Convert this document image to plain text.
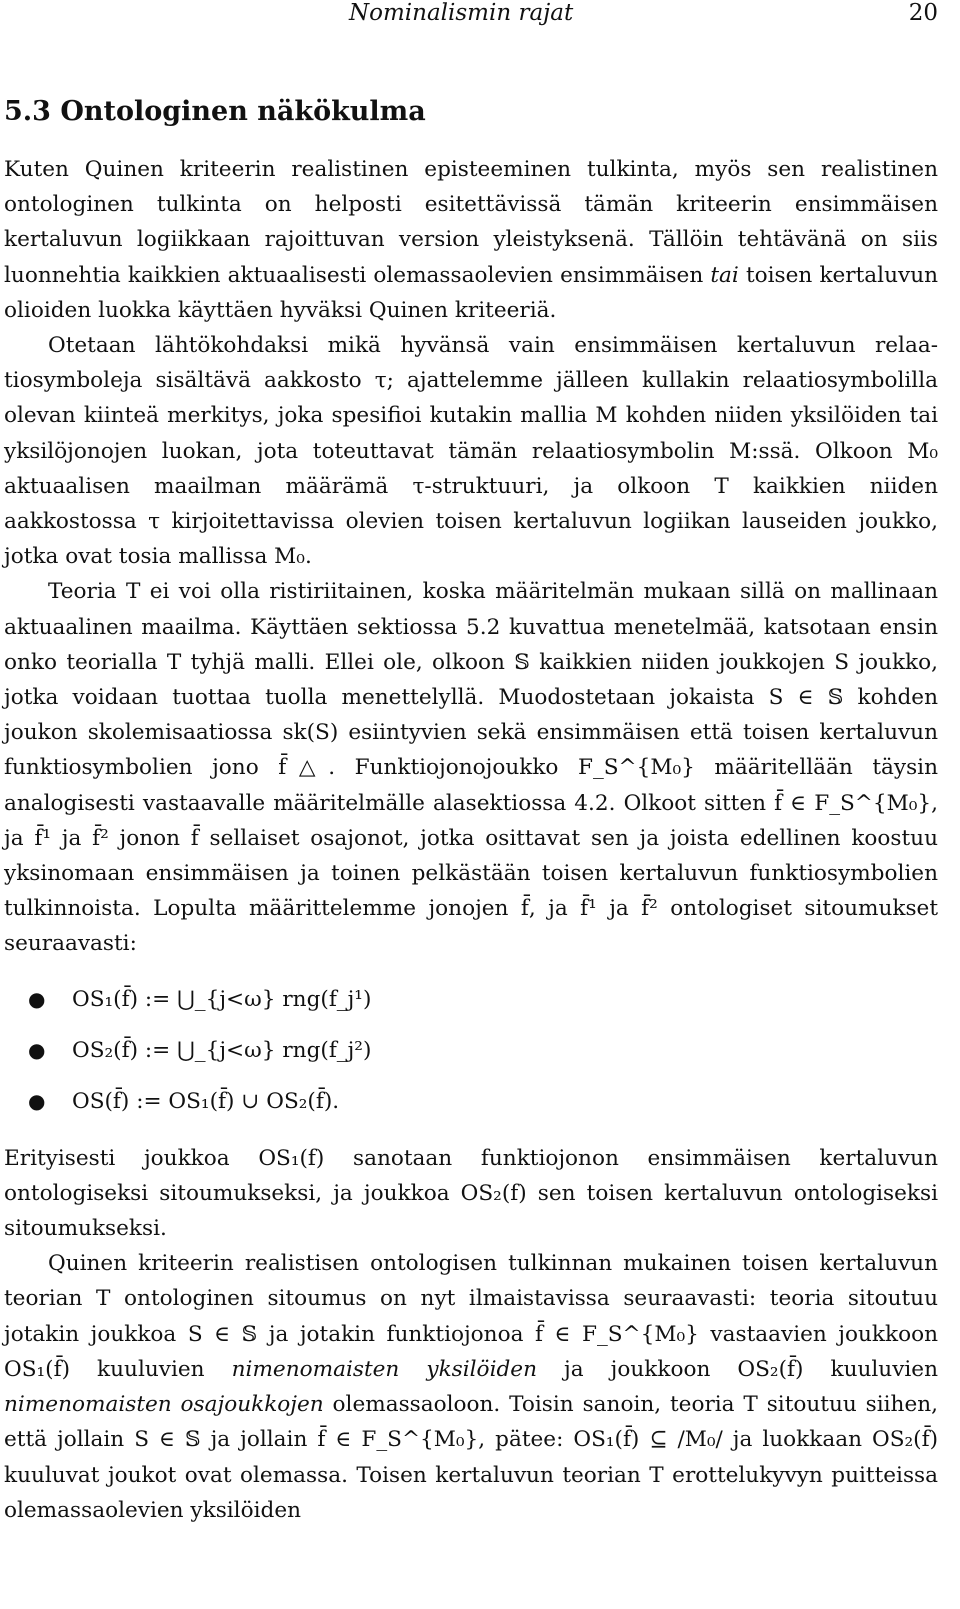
Nominalismin rajat	20
5.3 Ontologinen näkökulma

Kuten Quinen kriteerin realistinen episteeminen tulkinta, myös sen realistinen ontologinen tulkinta on helposti esitettävissä tämän kriteerin ensimmäisen kertaluvun logiikkaan rajoittuvan version yleistyksenä. Tällöin tehtävänä on siis luonnehtia kaikkien aktuaalisesti olemassaolevien ensimmäisen tai toisen kertaluvun olioiden luokka käyttäen hyväksi Quinen kriteeriä.

Otetaan lähtökohdaksi mikä hyvänsä vain ensimmäisen kertaluvun relaatiosymboleja sisältävä aakkosto τ; ajattelemme jälleen kullakin relaatiosymbolilla olevan kiinteä merkitys, joka spesifioi kutakin mallia M kohden niiden yksilöiden tai yksilöjonojen luokan, jota toteuttavat tämän relaatiosymbolin M:ssä. Olkoon M₀ aktuaalisen maailman määrämä τ-struktuuri, ja olkoon T kaikkien niiden aakkostossa τ kirjoitettavissa olevien toisen kertaluvun logiikan lauseiden joukko, jotka ovat tosia mallissa M₀.

Teoria T ei voi olla ristiriitainen, koska määritelmän mukaan sillä on mallinaan aktuaalinen maailma. Käyttäen sektiossa 5.2 kuvattua menetelmää, katsotaan ensin onko teorialla T tyhjä malli. Ellei ole, olkoon 𝕊 kaikkien niiden joukkojen S joukko, jotka voidaan tuottaa tuolla menettelyllä. Muodostetaan jokaista S ∈ 𝕊 kohden joukon skolemisaatiossa sk(S) esiintyvien sekä ensimmäisen että toisen kertaluvun funktiosymbolien jono f̄△. Funktiojonojoukko F_S^{M₀} määritellään täysin analogisesti vastaavalle määritelmälle alasektiossa 4.2. Olkoot sitten f̄ ∈ F_S^{M₀}, ja f̄¹ ja f̄² jonon f̄ sellaiset osajonot, jotka osittavat sen ja joista edellinen koostuu yksinomaan ensimmäisen ja toinen pelkästään toisen kertaluvun funktiosymbolien tulkinnoista. Lopulta määrittelemme jonojen f̄, ja f̄¹ ja f̄² ontologiset sitoumukset seuraavasti:

● OS₁(f̄) := ⋃_{j<ω} rng(f_j¹)
● OS₂(f̄) := ⋃_{j<ω} rng(f_j²)
● OS(f̄) := OS₁(f̄) ∪ OS₂(f̄).

Erityisesti joukkoa OS₁(f) sanotaan funktiojonon ensimmäisen kertaluvun ontologiseksi sitoumukseksi, ja joukkoa OS₂(f) sen toisen kertaluvun ontologiseksi sitoumukseksi.

Quinen kriteerin realistisen ontologisen tulkinnan mukainen toisen kertaluvun teorian T ontologinen sitoumus on nyt ilmaistavissa seuraavasti: teoria sitoutuu jotakin joukkoa S ∈ 𝕊 ja jotakin funktiojonoa f̄ ∈ F_S^{M₀} vastaavien joukkoon OS₁(f̄) kuuluvien nimenomaisten yksilöiden ja joukkoon OS₂(f̄) kuuluvien nimenomaisten osajoukkojen olemassaoloon. Toisin sanoin, teoria T sitoutuu siihen, että jollain S ∈ 𝕊 ja jollain f̄ ∈ F_S^{M₀}, pätee: OS₁(f̄) ⊆ /M₀/ ja luokkaan OS₂(f̄) kuuluvat joukot ovat olemassa. Toisen kertaluvun teorian T erottelukyvyn puitteissa olemassaolevien yksilöiden
